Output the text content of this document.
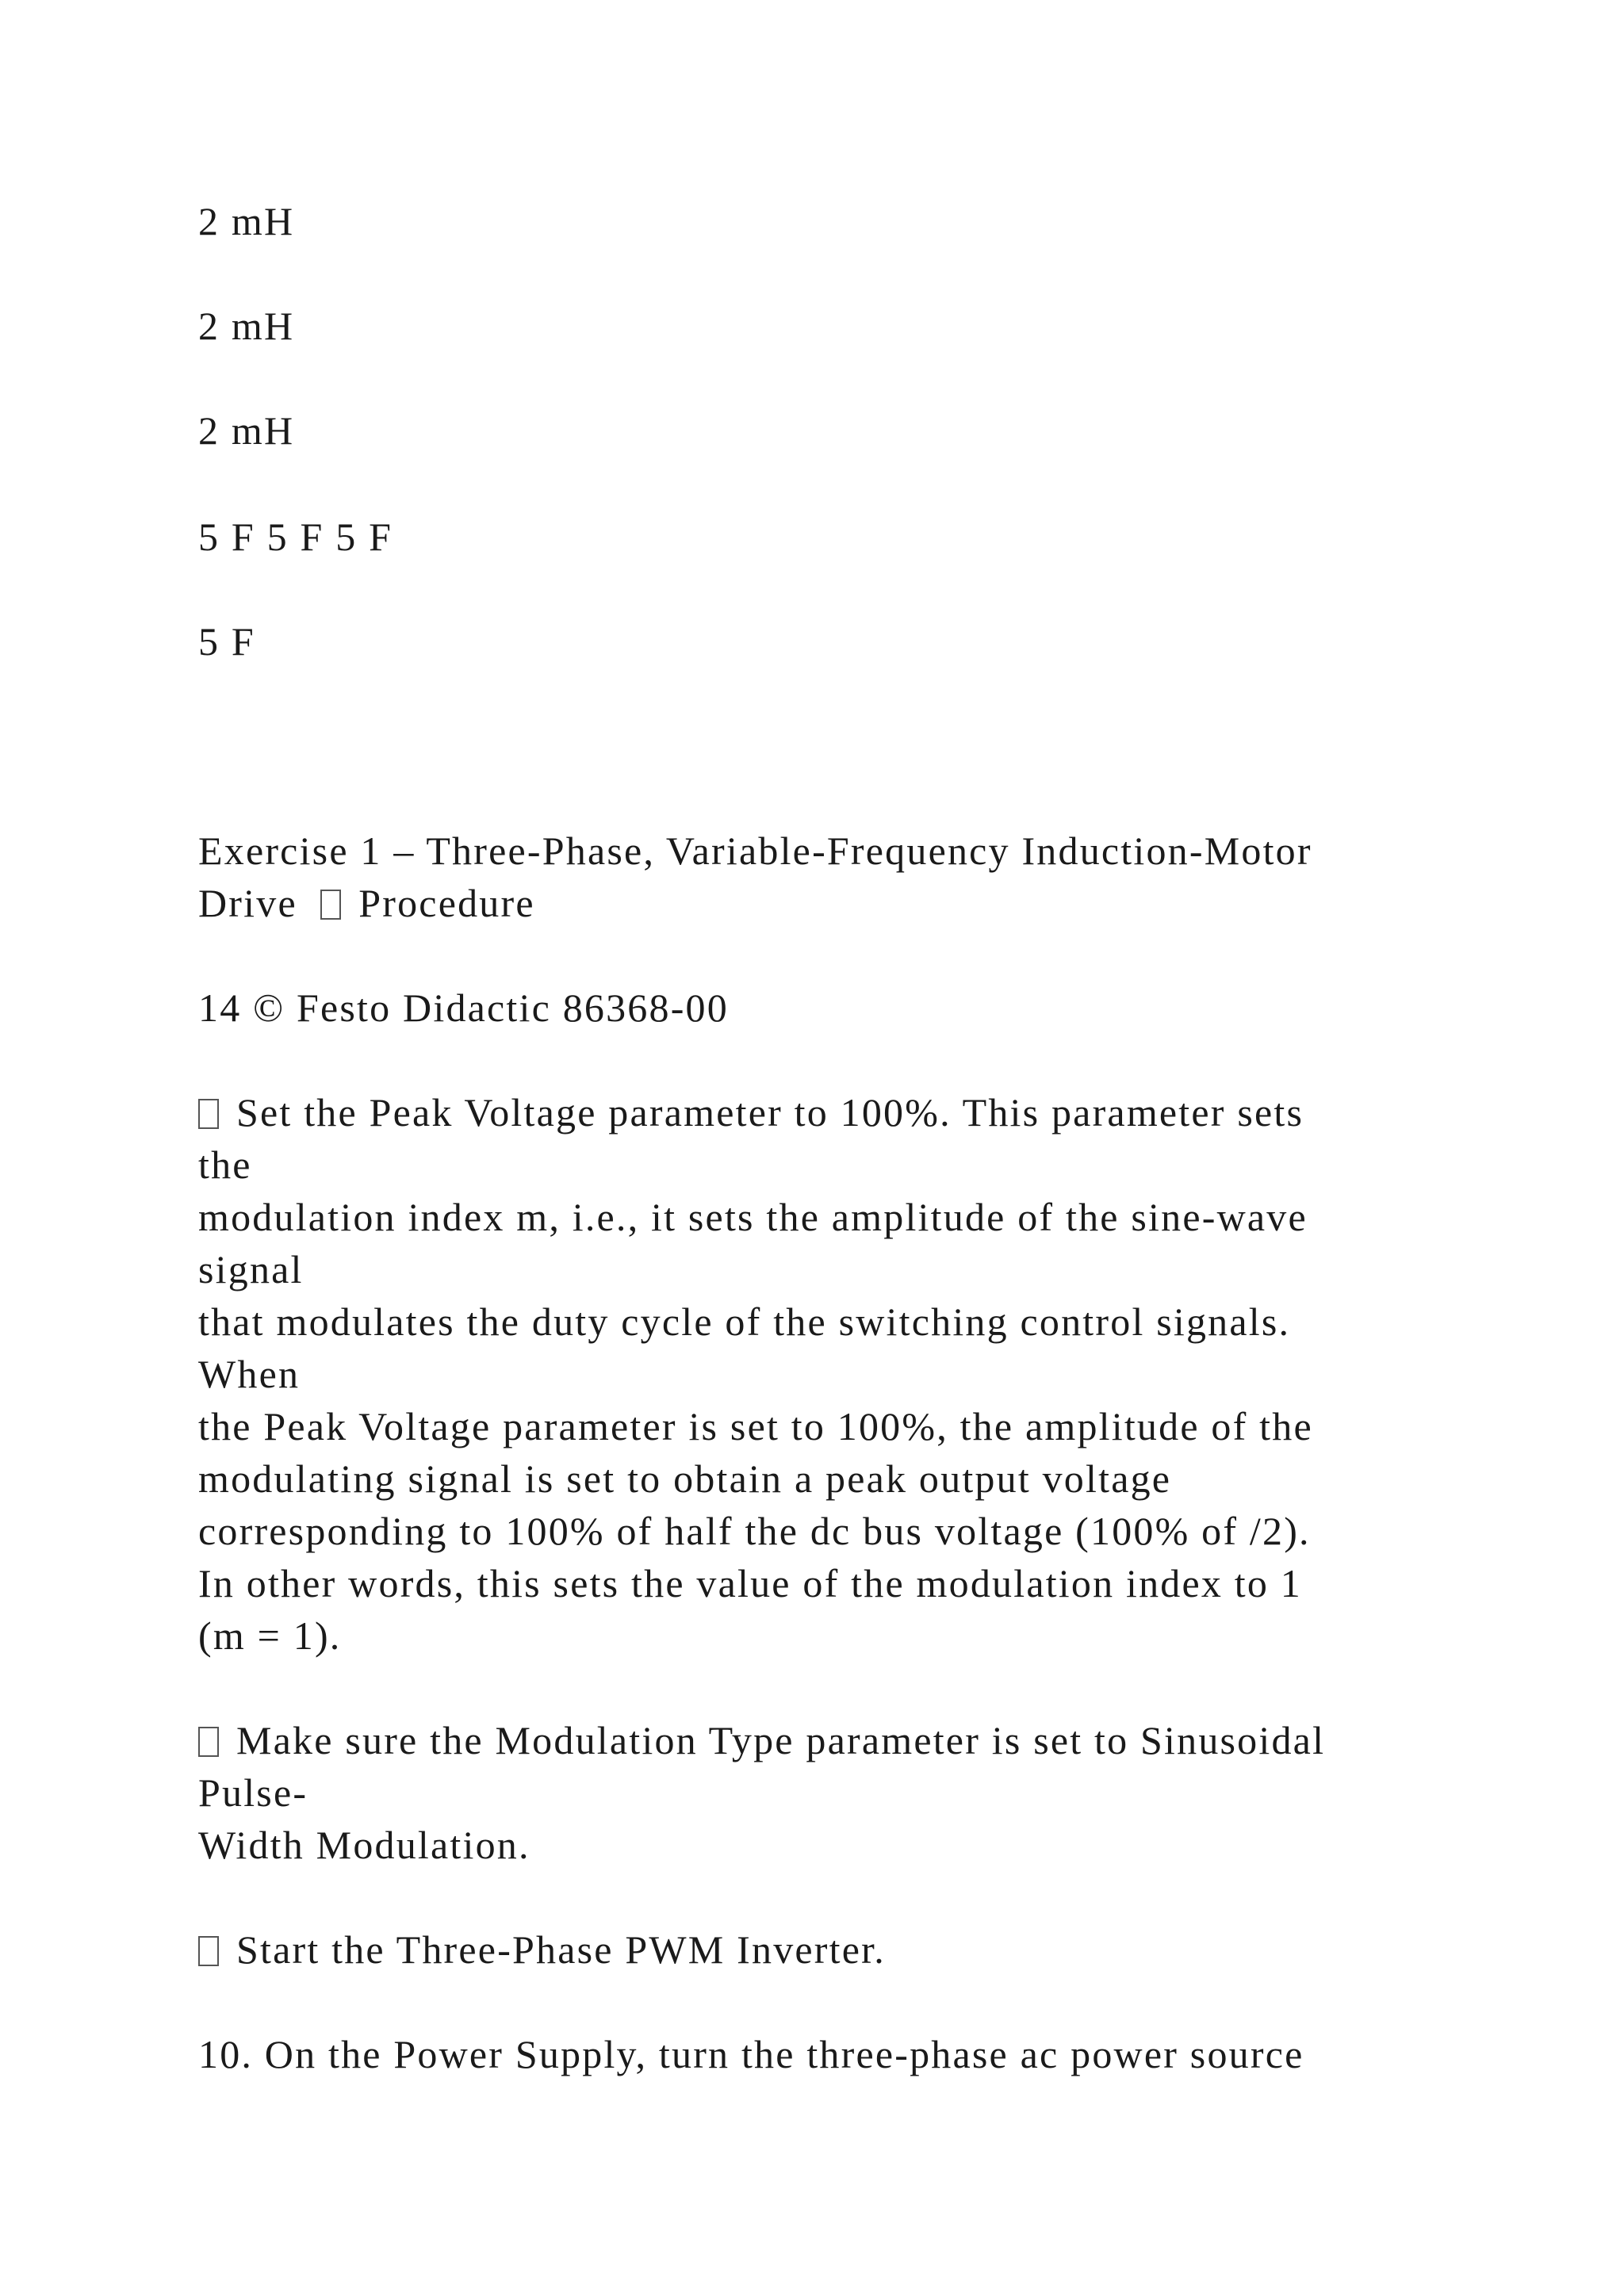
2 mH
2 mH
2 mH
5 F 5 F 5 F
5 F
Exercise 1 – Three-Phase, Variable-Frequency Induction-Motor
Drive  Procedure
14 © Festo Didactic 86368-00
Set the Peak Voltage parameter to 100%. This parameter sets
the
modulation index m, i.e., it sets the amplitude of the sine-wave
signal
that modulates the duty cycle of the switching control signals.
When
the Peak Voltage parameter is set to 100%, the amplitude of the
modulating signal is set to obtain a peak output voltage
corresponding to 100% of half the dc bus voltage (100% of /2).
In other words, this sets the value of the modulation index to 1
(m = 1).
Make sure the Modulation Type parameter is set to Sinusoidal
Pulse-
Width Modulation.
Start the Three-Phase PWM Inverter.
10. On the Power Supply, turn the three-phase ac power source
